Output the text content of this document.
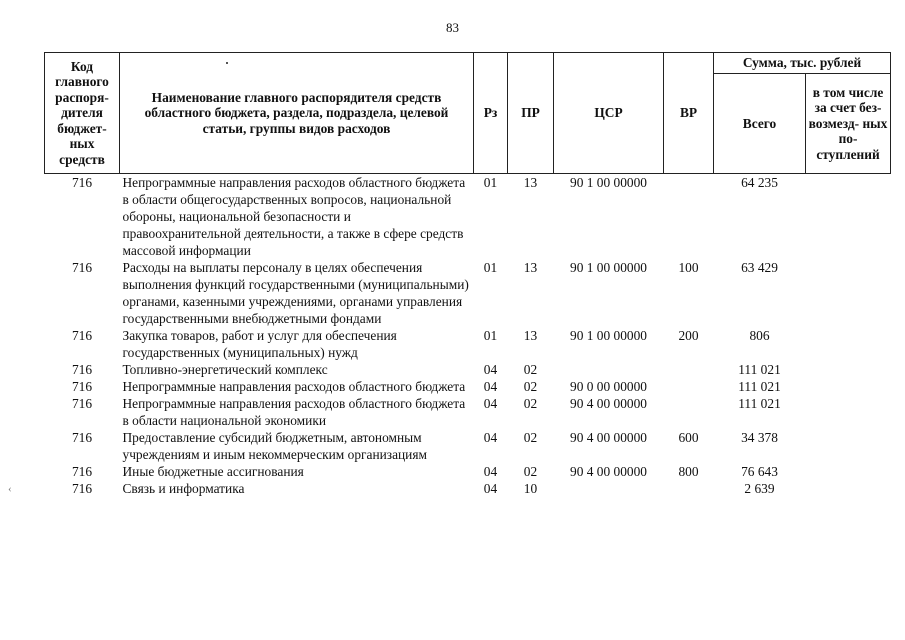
83
‹
Код главного распоря- дителя бюджет- ных средств	Наименование главного распорядителя средств областного бюджета, раздела, подраздела, целевой статьи, группы видов расходов	Рз	ПР	ЦСР	ВР	Сумма, тыс. рублей	
						Всего	в том числе за счет без- возмезд- ных по- ступлений
716	Непрограммные направления расходов областного бюджета в области общегосударственных вопросов, национальной обороны, национальной безопасности и правоохранительной деятельности, а также в сфере средств массовой информации	01	13	90 1 00 00000		64 235	
716	Расходы на выплаты персоналу в целях обеспечения выполнения функций государственными (муниципальными) органами, казенными учреждениями, органами управления государственными внебюджетными фондами	01	13	90 1 00 00000	100	63 429	
716	Закупка товаров, работ и услуг для обеспечения государственных (муниципальных) нужд	01	13	90 1 00 00000	200	806	
716	Топливно-энергетический комплекс	04	02			111 021	
716	Непрограммные направления расходов областного бюджета	04	02	90 0 00 00000		111 021	
716	Непрограммные направления расходов областного бюджета в области национальной экономики	04	02	90 4 00 00000		111 021	
716	Предоставление субсидий бюджетным, автономным учреждениям и иным некоммерческим организациям	04	02	90 4 00 00000	600	34 378	
716	Иные бюджетные ассигнования	04	02	90 4 00 00000	800	76 643	
716	Связь и информатика	04	10			2 639	
